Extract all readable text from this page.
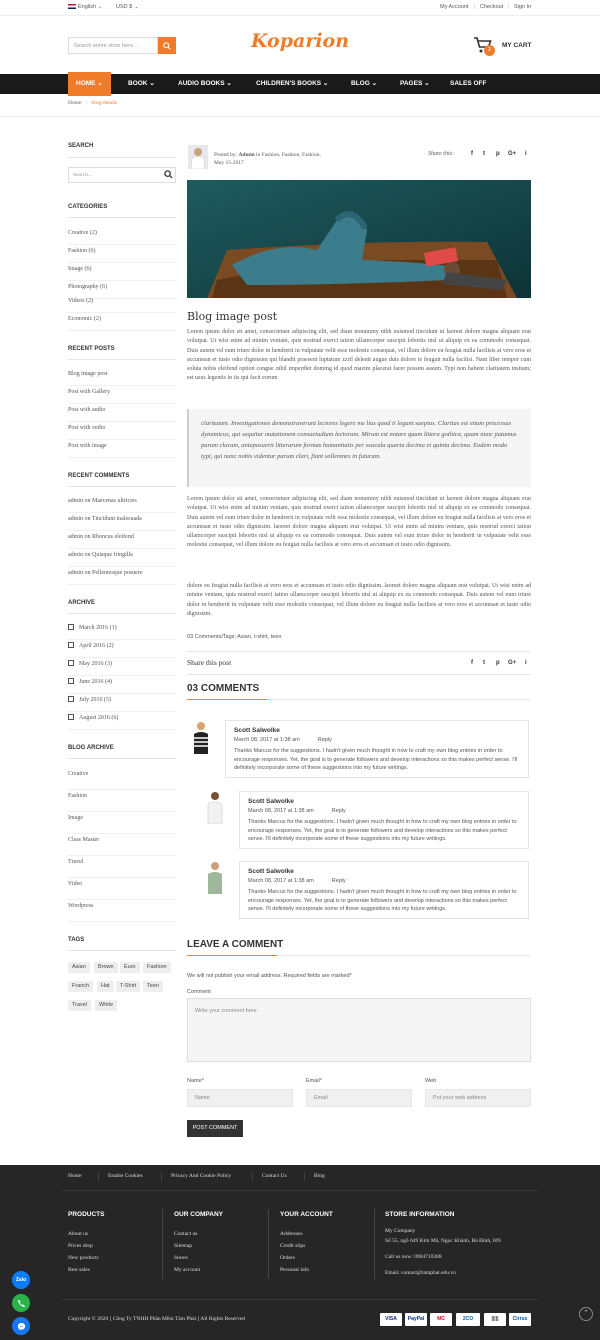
English ⌄	USD $ ⌄	My Account | Checkout | Sign In
Search entire store here...	Koparion	2
MY CART
HOME ⌄	BOOK ⌄	AUDIO BOOKS ⌄	CHILDREN'S BOOKS ⌄	BLOG ⌄	PAGES ⌄	SALES OFF
Home | blog-details
SEARCH
Search...
CATEGORIES
Creative (2)
Fashion (6)
Image (6)
Photography (6)
Videos (2)
Economic (2)
RECENT POSTS
Blog image post
Post with Gallery
Post with audio
Post with vedio
Post with image
RECENT COMMENTS
admin on Maecenas ultricies
admin on Tincidunt malesuada
admin on Rhoncus eleifend
admin on Quisque fringilla
admin on Pellentesque posuere
ARCHIVE
March 2016 (1)
April 2016 (2)
May 2016 (3)
June 2016 (4)
July 2016 (5)
August 2016 (6)
BLOG ARCHIVE
Creative
Fashion
Image
Class Master
Travel
Video
Wordpress
TAGS
Asian	Brown	Euro	Fashion
Franch	Hat	T-Shirt	Teen
Travel	White
Posted by: Admin in Fashion, Fashion, Fashion,
May 15-2017
Share this:	f t p G+ i
Blog image post
Lorem ipsum dolor sit amet, consectetuer adipiscing elit, sed diam nonummy nibh euismod tincidunt ut laoreet dolore magna aliquam erat volutpat. Ut wisi enim ad minim veniam, quis nostrud exerci tation ullamcorper suscipit lobortis nisl ut aliquip ex ea commodo consequat. Duis autem vel eum iriure dolor in hendrerit in vulputate velit esse molestie consequat, vel illum dolore eu feugiat nulla facilisis at vero eros et accumsan et iusto odio dignissim qui blandit praesent luptatum zzril delenit augue duis dolore te feugait nulla facilisi. Nam liber tempor cum soluta nobis eleifend option congue nihil imperdiet doming id quod mazim placerat facer possim assum. Typi non habent claritatem insitam; est usus legentis in iis qui facit eorum
claritatem. Investigationes demonstraverunt lectores legere me lius quod ii legunt saepius. Claritas est etiam processus dynamicus, qui sequitur mutationem consuetudium lectorum. Mirum est notare quam littera gothica, quam nunc putamus parum claram, anteposuerit litterarum formas humanitatis per seacula quarta decima et quinta decima. Eodem modo typi, qui nunc nobis videntur parum clari, fiant sollemnes in futurum.
Lorem ipsum dolor sit amet, consectetuer adipiscing elit, sed diam nonummy nibh euismod tincidunt ut laoreet dolore magna aliquam erat volutpat. Ut wisi enim ad minim veniam, quis nostrud exerci tation ullamcorper suscipit lobortis nisl ut aliquip ex ea commodo consequat. Duis autem vel eum iriure dolor in hendrerit in vulputate velit esse molestie consequat, vel illum dolore eu feugiat nulla facilisis at vero eros et accumsan et iusto odio dignissim. laoreet dolore magna aliquam erat volutpat. Ut wisi enim ad minim veniam, quis nostrud exerci tation ullamcorper suscipit lobortis nisl ut aliquip ex ea commodo consequat. Duis autem vel eum iriure dolor in hendrerit in vulputate velit esse molestie consequat, vel illum dolore eu feugiat nulla facilisis at vero eros et accumsan et iusto odio dignissim.
dolore eu feugiat nulla facilisis at vero eros et accumsan et iusto odio dignissim. laoreet dolore magna aliquam erat volutpat. Ut wisi enim ad minim veniam, quis nostrud exerci tation ullamcorper suscipit lobortis nisl ut aliquip ex ea commodo consequat. Duis autem vel eum iriure dolor in hendrerit in vulputate velit esse molestie consequat, vel illum dolore eu feugiat nulla facilisis at vero eros et accumsan et iusto odio dignissim.
03 Comments/Tags: Asian, t-shirt, teen
Share this post	f t p G+ i
03 COMMENTS
Scott Salwolke
March 08, 2017 at 1:38 am	Reply
Thanks Marcus for the suggestions. I hadn't given much thought in how to craft my own blog entries in order to encourage responses. Yet, the goal is to generate followers and develop interactions so this makes perfect sense. I'll definitely incorporate some of these suggestions into my future writings.
Scott Salwolke
March 08, 2017 at 1:38 am	Reply
Thanks Marcus for the suggestions. I hadn't given much thought in how to craft my own blog entries in order to encourage responses. Yet, the goal is to generate followers and develop interactions so this makes perfect sense. I'll definitely incorporate some of these suggestions into my future writings.
Scott Salwolke
March 08, 2017 at 1:38 am	Reply
Thanks Marcus for the suggestions. I hadn't given much thought in how to craft my own blog entries in order to encourage responses. Yet, the goal is to generate followers and develop interactions so this makes perfect sense. I'll definitely incorporate some of these suggestions into my future writings.
LEAVE A COMMENT
We will not publish your email address. Required fields are marked*
Comment
Write your comment here
Name*	Email*	Web
Name	Email	Put your web address
POST COMMENT
Home	Enable Cookies	Privacy And Cookie Policy	Contact Us	Blog
PRODUCTS
About us
Prices drop
New products
Best sales
OUR COMPANY
Contact us
Sitemap
Stores
My account
YOUR ACCOUNT
Addresses
Credit slips
Orders
Personal info
STORE INFORMATION
My Company
Số 55, ngõ 649 Kim Mã, Ngọc Khánh, Ba Đình, HN
Call us now: 0904710388
Email: contact@tamphat.edu.vn
Copyright © 2020 [ Công Ty TNHH Phần Mềm Tâm Phát ] All Rights Reserved	VISA	PayPal	MC	2CO	|||||	Cirrus
⌃
Zalo
